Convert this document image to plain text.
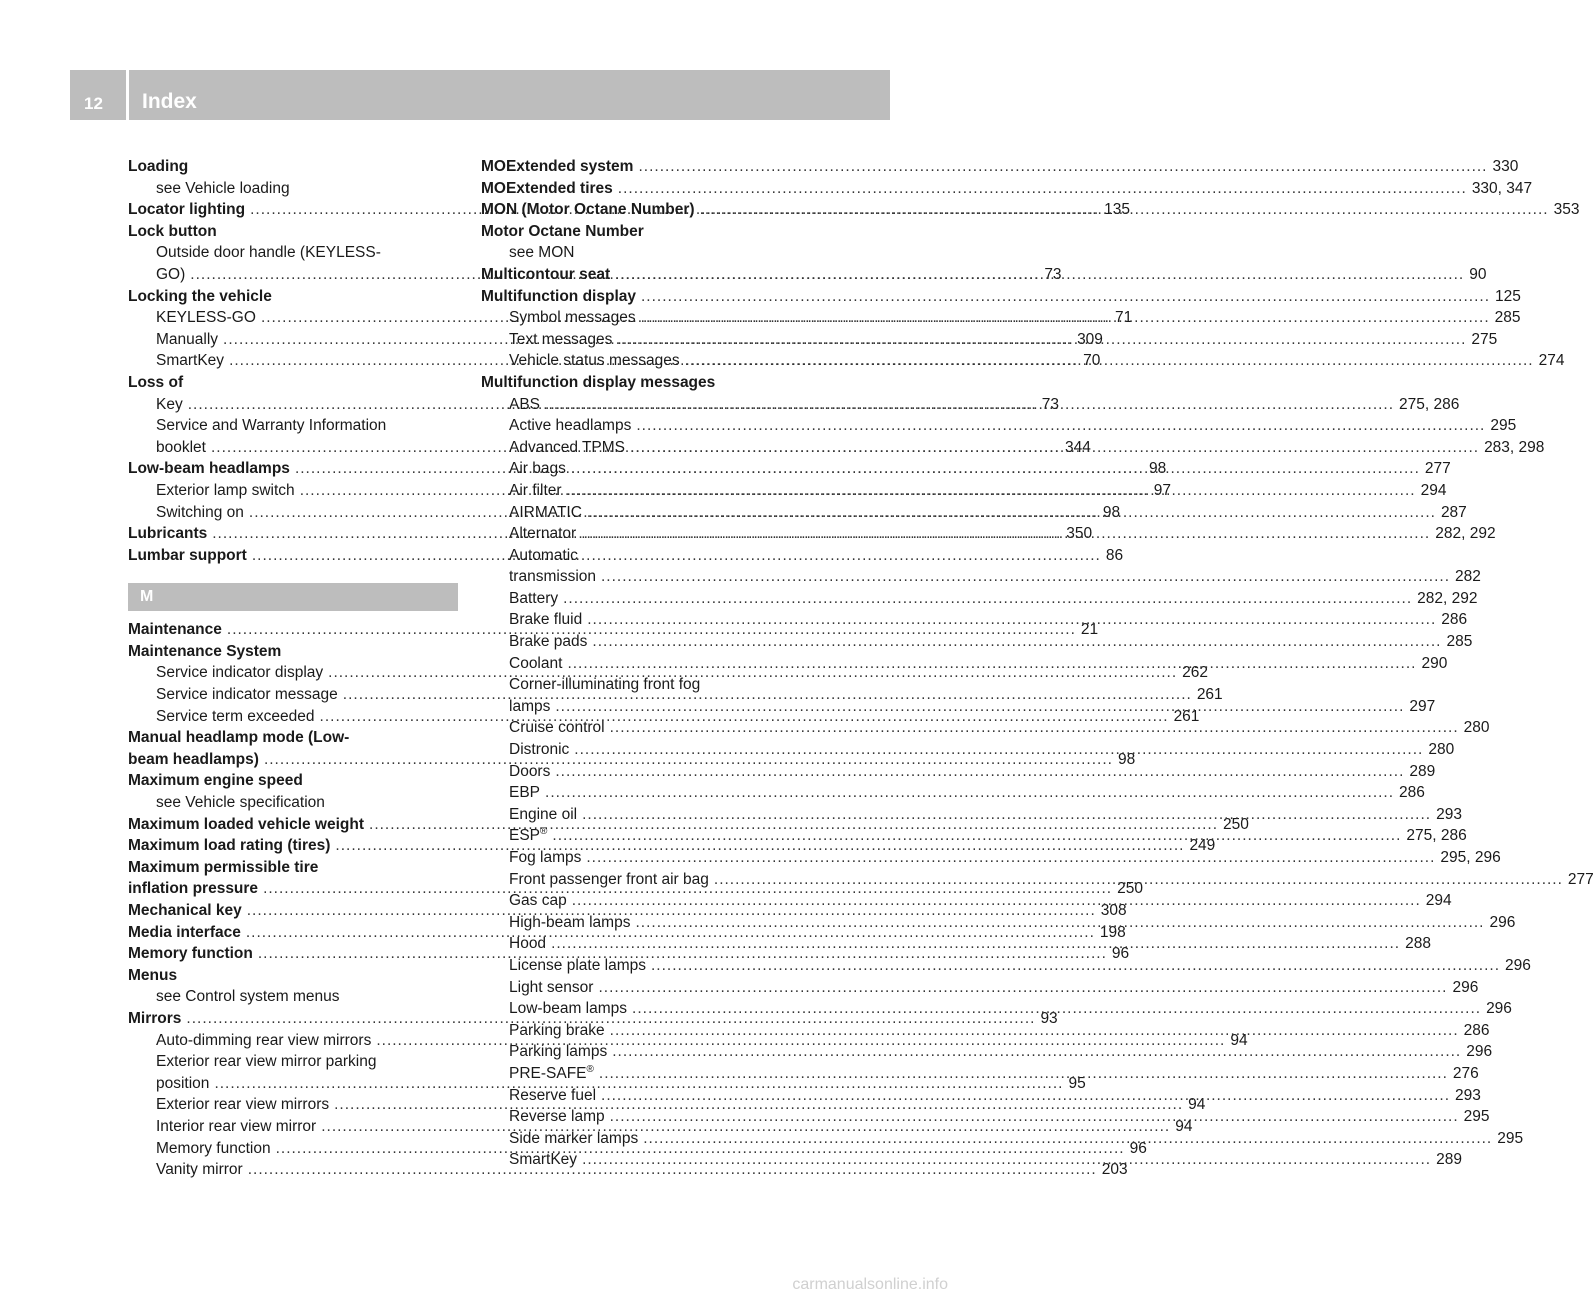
12 Index
Loading
see Vehicle loading
Locator lighting .....	135
Lock button
Outside door handle (KEYLESS-
GO) .....	73
Locking the vehicle
KEYLESS-GO .....	71
Manually .....	309
SmartKey .....	70
Loss of
Key .....	73
Service and Warranty Information
booklet .....	344
Low-beam headlamps .....	98
Exterior lamp switch .....	97
Switching on .....	98
Lubricants .....	350
Lumbar support .....	86
M
Maintenance .....	21
Maintenance System
Service indicator display .....	262
Service indicator message .....	261
Service term exceeded .....	261
Manual headlamp mode (Low-
beam headlamps) .....	98
Maximum engine speed
see Vehicle specification
Maximum loaded vehicle weight .....	250
Maximum load rating (tires) .....	249
Maximum permissible tire
inflation pressure .....	250
Mechanical key .....	308
Media interface .....	198
Memory function .....	96
Menus
see Control system menus
Mirrors .....	93
Auto-dimming rear view mirrors .....	94
Exterior rear view mirror parking
position .....	95
Exterior rear view mirrors .....	94
Interior rear view mirror .....	94
Memory function .....	96
Vanity mirror .....	203
MOExtended system .....	330
MOExtended tires .....	330, 347
MON (Motor Octane Number) .....	353
Motor Octane Number
see MON
Multicontour seat .....	90
Multifunction display .....	125
Symbol messages .....	285
Text messages .....	275
Vehicle status messages .....	274
Multifunction display messages
ABS .....	275, 286
Active headlamps .....	295
Advanced TPMS .....	283, 298
Air bags .....	277
Air filter .....	294
AIRMATIC .....	287
Alternator .....	282, 292
Automatic
transmission .....	282
Battery .....	282, 292
Brake fluid .....	286
Brake pads .....	285
Coolant .....	290
Corner-illuminating front fog
lamps .....	297
Cruise control .....	280
Distronic .....	280
Doors .....	289
EBP .....	286
Engine oil .....	293
ESP® .....	275, 286
Fog lamps .....	295, 296
Front passenger front air bag .....	277
Gas cap .....	294
High-beam lamps .....	296
Hood .....	288
License plate lamps .....	296
Light sensor .....	296
Low-beam lamps .....	296
Parking brake .....	286
Parking lamps .....	296
PRE-SAFE® .....	276
Reserve fuel .....	293
Reverse lamp .....	295
Side marker lamps .....	295
SmartKey .....	289
carmanualsonline.info
